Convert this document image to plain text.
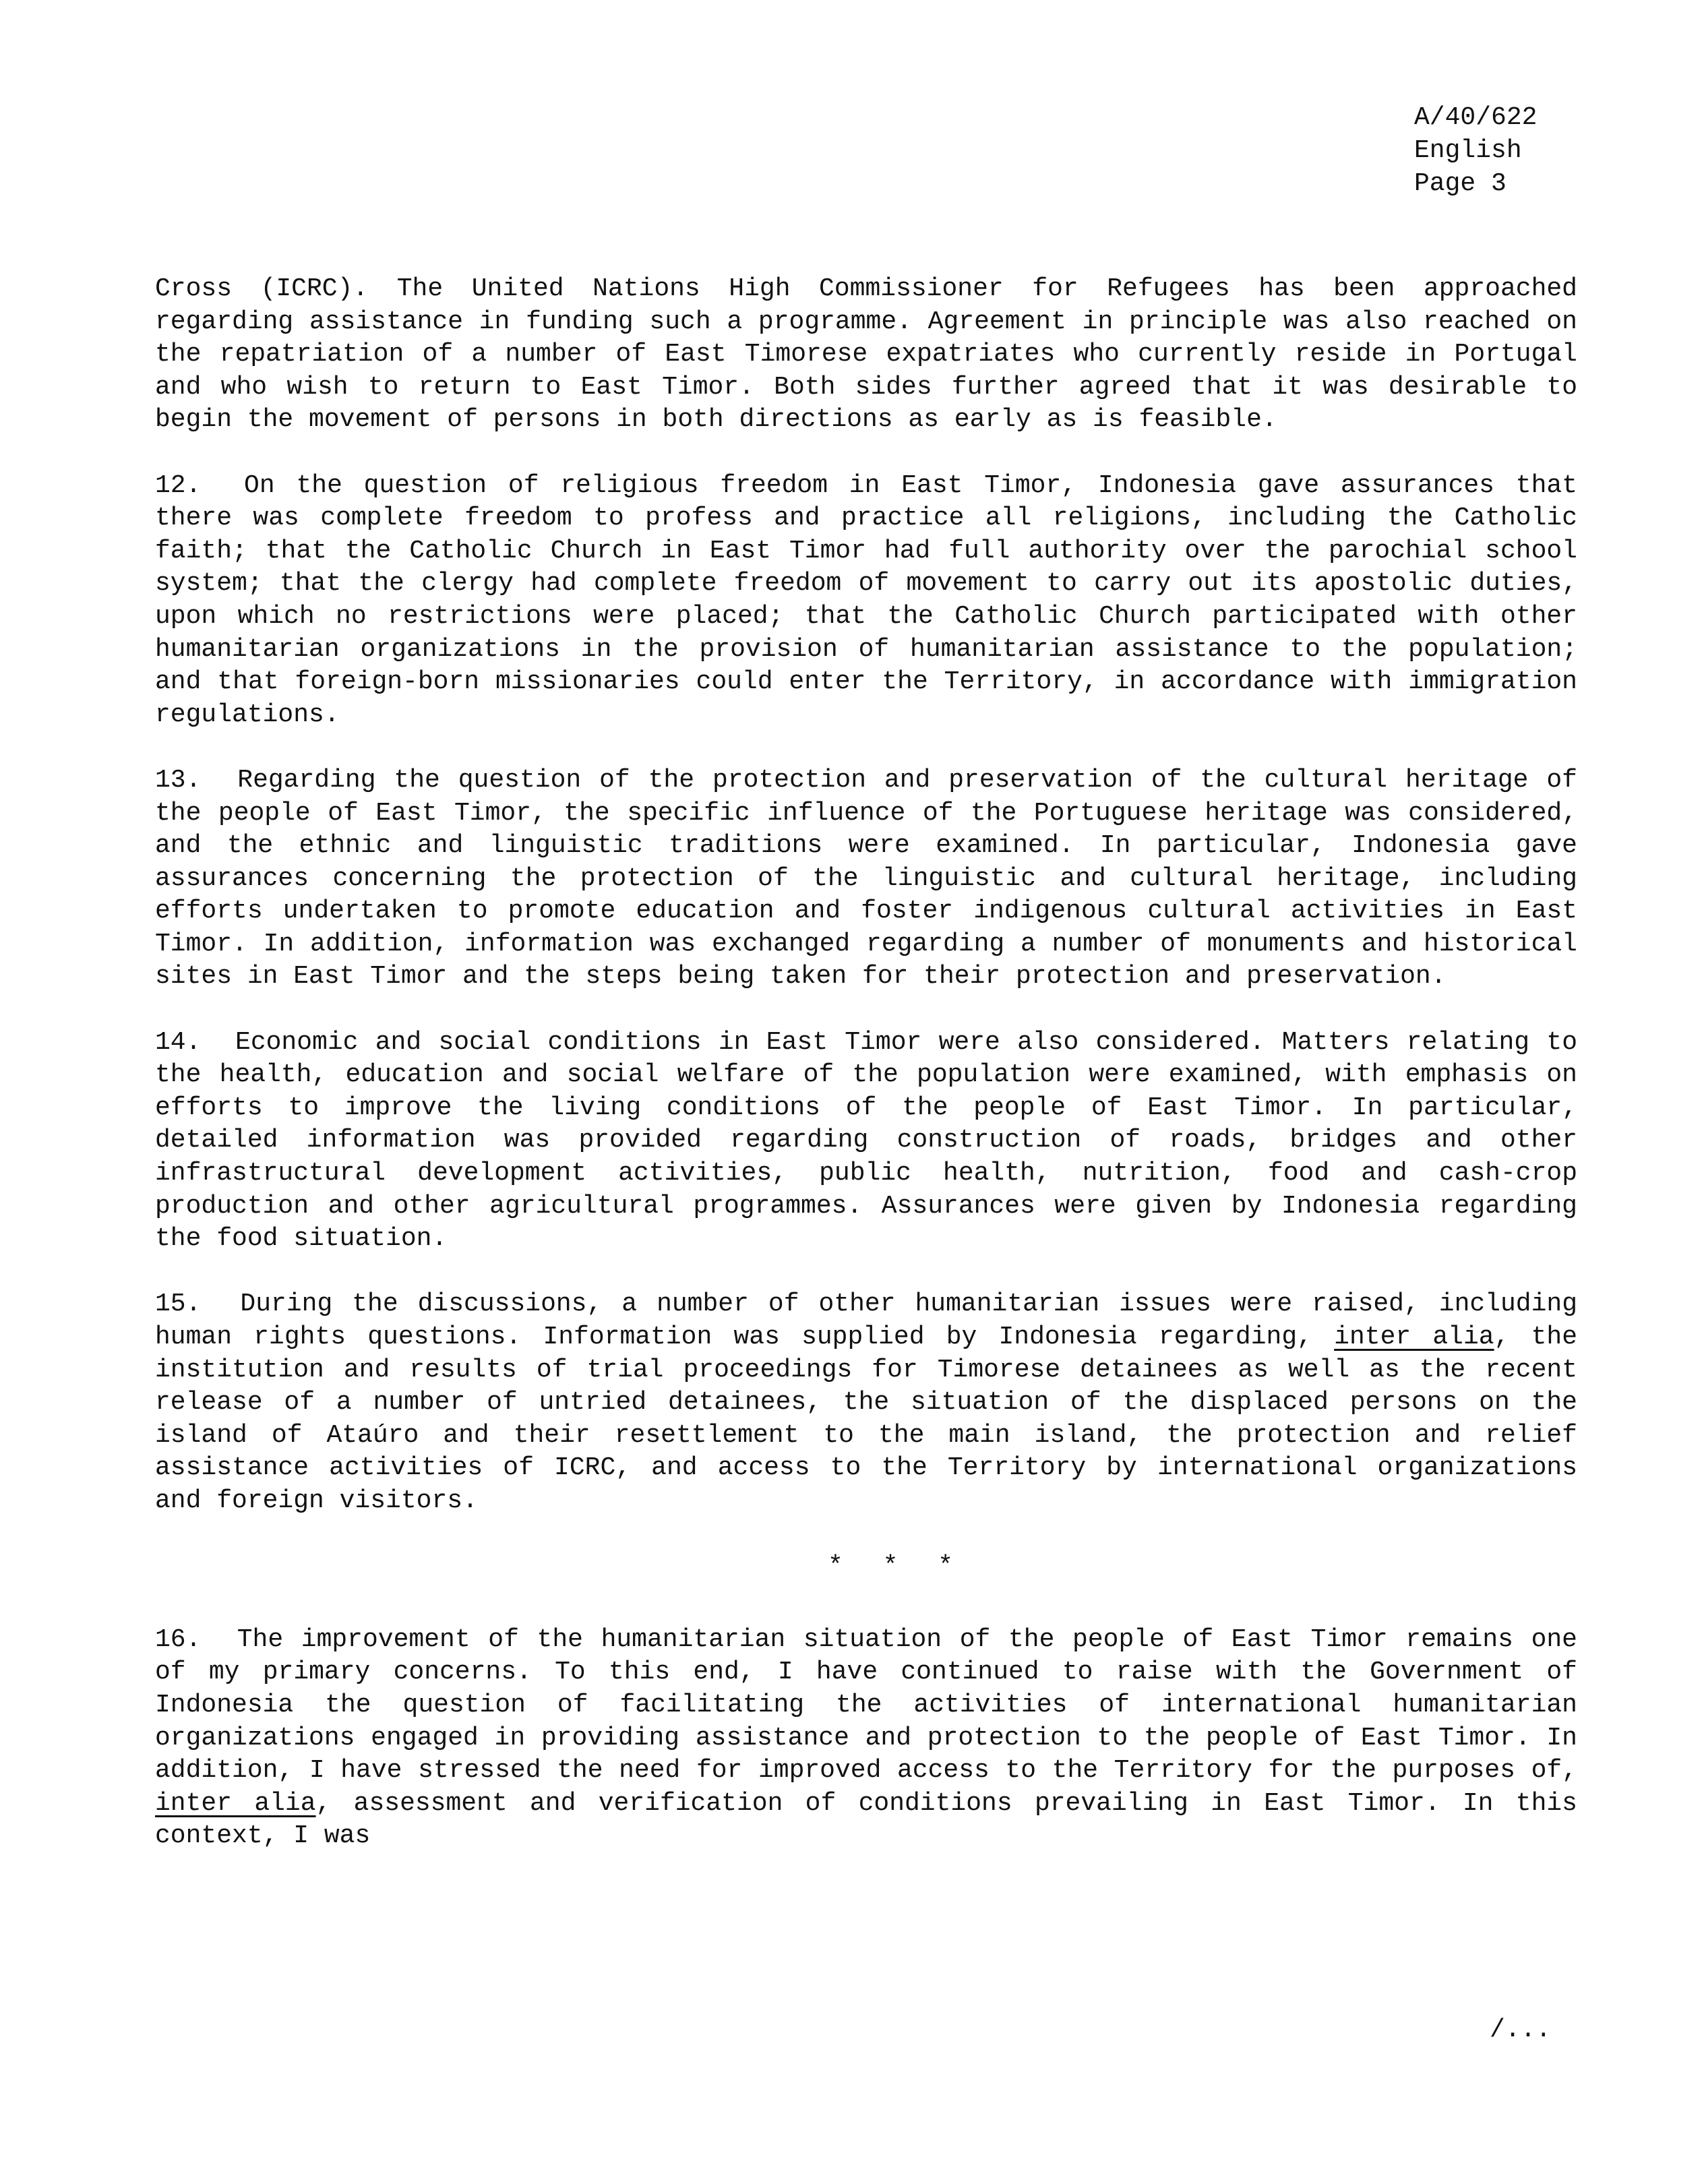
A/40/622
English
Page 3

Cross (ICRC). The United Nations High Commissioner for Refugees has been approached regarding assistance in funding such a programme. Agreement in principle was also reached on the repatriation of a number of East Timorese expatriates who currently reside in Portugal and who wish to return to East Timor. Both sides further agreed that it was desirable to begin the movement of persons in both directions as early as is feasible.

12. On the question of religious freedom in East Timor, Indonesia gave assurances that there was complete freedom to profess and practice all religions, including the Catholic faith; that the Catholic Church in East Timor had full authority over the parochial school system; that the clergy had complete freedom of movement to carry out its apostolic duties, upon which no restrictions were placed; that the Catholic Church participated with other humanitarian organizations in the provision of humanitarian assistance to the population; and that foreign-born missionaries could enter the Territory, in accordance with immigration regulations.

13. Regarding the question of the protection and preservation of the cultural heritage of the people of East Timor, the specific influence of the Portuguese heritage was considered, and the ethnic and linguistic traditions were examined. In particular, Indonesia gave assurances concerning the protection of the linguistic and cultural heritage, including efforts undertaken to promote education and foster indigenous cultural activities in East Timor. In addition, information was exchanged regarding a number of monuments and historical sites in East Timor and the steps being taken for their protection and preservation.

14. Economic and social conditions in East Timor were also considered. Matters relating to the health, education and social welfare of the population were examined, with emphasis on efforts to improve the living conditions of the people of East Timor. In particular, detailed information was provided regarding construction of roads, bridges and other infrastructural development activities, public health, nutrition, food and cash-crop production and other agricultural programmes. Assurances were given by Indonesia regarding the food situation.

15. During the discussions, a number of other humanitarian issues were raised, including human rights questions. Information was supplied by Indonesia regarding, inter alia, the institution and results of trial proceedings for Timorese detainees as well as the recent release of a number of untried detainees, the situation of the displaced persons on the island of Ataúro and their resettlement to the main island, the protection and relief assistance activities of ICRC, and access to the Territory by international organizations and foreign visitors.

* * *

16. The improvement of the humanitarian situation of the people of East Timor remains one of my primary concerns. To this end, I have continued to raise with the Government of Indonesia the question of facilitating the activities of international humanitarian organizations engaged in providing assistance and protection to the people of East Timor. In addition, I have stressed the need for improved access to the Territory for the purposes of, inter alia, assessment and verification of conditions prevailing in East Timor. In this context, I was

/...
